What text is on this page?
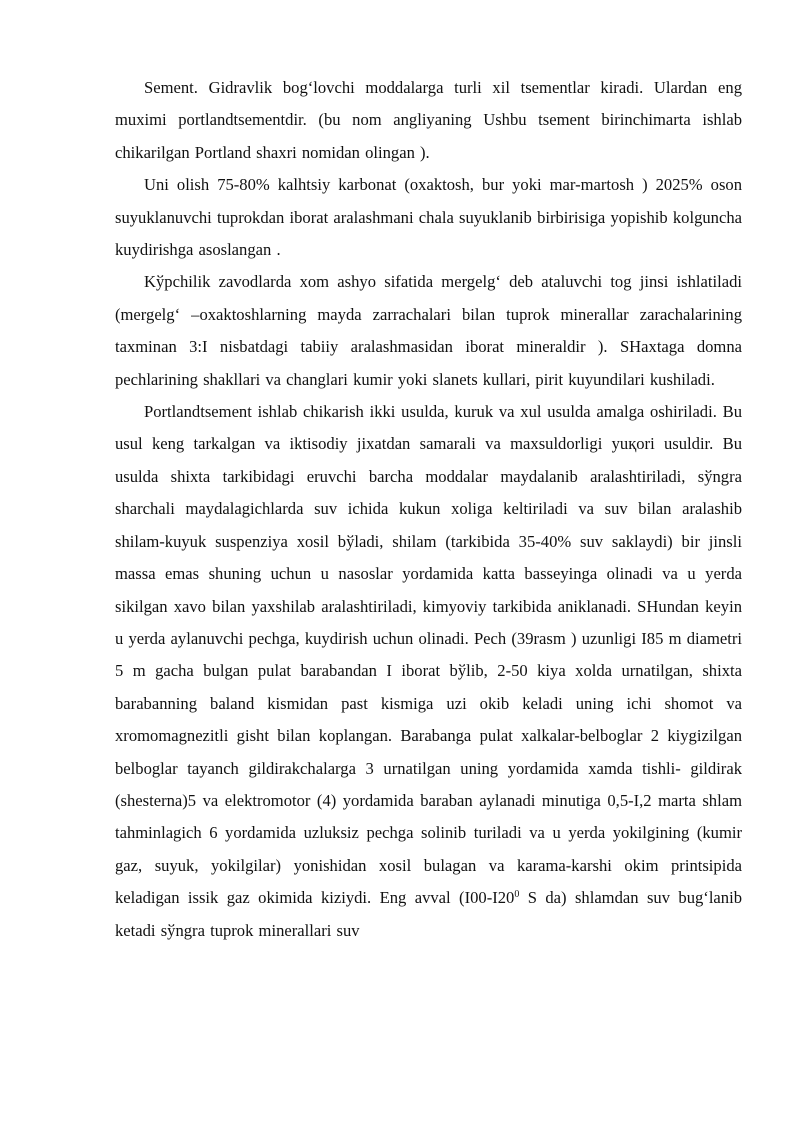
Sement. Gidravlik bog‘lovchi moddalarga turli xil tsementlar kiradi. Ulardan eng muximi portlandtsementdir. (bu nom angliyaning Ushbu tsement birinchimarta ishlab chikarilgan Portland shaxri nomidan olingan ).

Uni olish 75-80% kalhtsiy karbonat (oxaktosh, bur yoki mar-martosh ) 2025% oson suyuklanuvchi tuprokdan iborat aralashmani chala suyuklanib birbirisiga yopishib kolguncha kuydirishga asoslangan .

Kўpchilik zavodlarda xom ashyo sifatida mergelg‘ deb ataluvchi tog jinsi ishlatiladi (mergelg‘ –oxaktoshlarning mayda zarrachalari bilan tuprok minerallar zarachalarining taxminan 3:I nisbatdagi tabiiy aralashmasidan iborat mineraldir ). SHaxtaga domna pechlarining shakllari va changlari kumir yoki slanets kullari, pirit kuyundilari kushiladi.

Portlandtsement ishlab chikarish ikki usulda, kuruk va xul usulda amalga oshiriladi. Bu usul keng tarkalgan va iktisodiy jixatdan samarali va maxsuldorligi yuқori usuldir. Bu usulda shixta tarkibidagi eruvchi barcha moddalar maydalanib aralashtiriladi, sўngra sharchali maydalagichlarda suv ichida kukun xoliga keltiriladi va suv bilan aralashib shilam-kuyuk suspenziya xosil bўladi, shilam (tarkibida 35-40% suv saklaydi) bir jinsli massa emas shuning uchun u nasoslar yordamida katta basseyinga olinadi va u yerda sikilgan xavo bilan yaxshilab aralashtiriladi, kimyoviy tarkibida aniklanadi. SHundan keyin u yerda aylanuvchi pechga, kuydirish uchun olinadi. Pech (39rasm ) uzunligi I85 m diametri 5 m gacha bulgan pulat barabandan I iborat bўlib, 2-50 kiya xolda urnatilgan, shixta barabanning baland kismidan past kismiga uzi okib keladi uning ichi shomot va xromomagnezitli gisht bilan koplangan. Barabanga pulat xalkalar-belboglar 2 kiygizilgan belboglar tayanch gildirakchalarga 3 urnatilgan uning yordamida xamda tishli- gildirak (shesterna)5 va elektromotor (4) yordamida baraban aylanadi minutiga 0,5-I,2 marta shlam tahminlagich 6 yordamida uzluksiz pechga solinib turiladi va u yerda yokilgining (kumir gaz, suyuk, yokilgilar) yonishidan xosil bulagan va karama-karshi okim printsipida keladigan issik gaz okimida kiziydi. Eng avval ($I00-I20^0$ S da) shlamdan suv bug‘lanib ketadi sўngra tuprok minerallari suv
